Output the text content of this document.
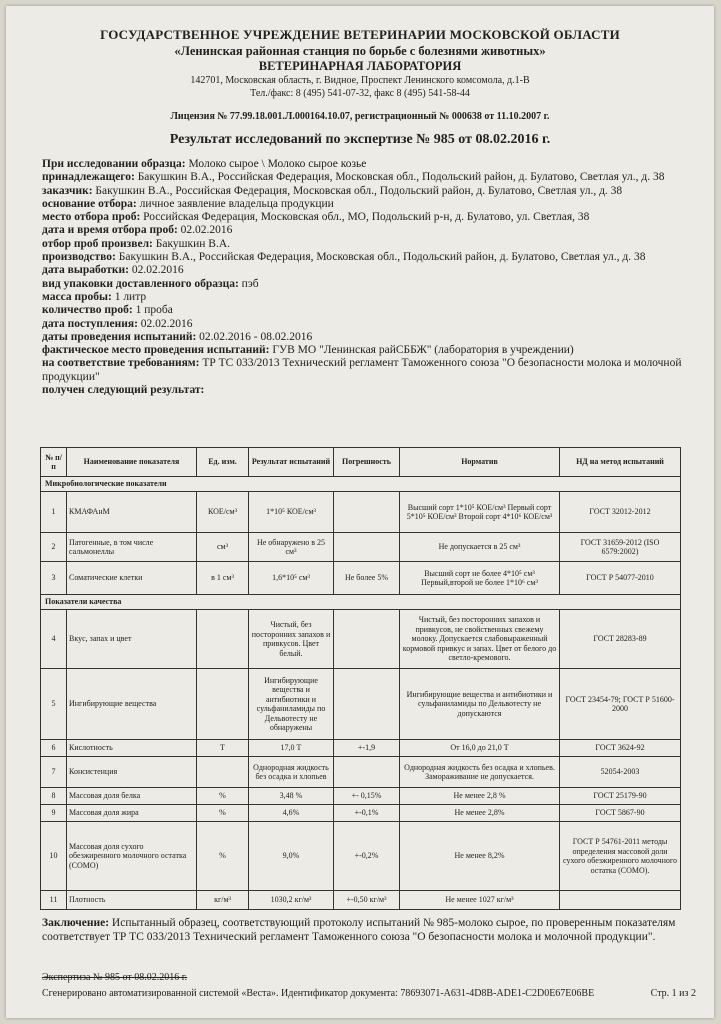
ГОСУДАРСТВЕННОЕ УЧРЕЖДЕНИЕ ВЕТЕРИНАРИИ МОСКОВСКОЙ ОБЛАСТИ
«Ленинская районная станция по борьбе с болезнями животных»
ВЕТЕРИНАРНАЯ ЛАБОРАТОРИЯ
142701, Московская область, г. Видное, Проспект Ленинского комсомола, д.1-В
Тел./факс: 8 (495) 541-07-32, факс 8 (495) 541-58-44
Лицензия № 77.99.18.001.Л.000164.10.07, регистрационный № 000638 от 11.10.2007 г.
Результат исследований по экспертизе № 985 от 08.02.2016 г.
При исследовании образца: Молоко сырое \ Молоко сырое козье
принадлежащего: Бакушкин В.А., Российская Федерация, Московская обл., Подольский район, д. Булатово, Светлая ул., д. 38
заказчик: Бакушкин В.А., Российская Федерация, Московская обл., Подольский район, д. Булатово, Светлая ул., д. 38
основание отбора: личное заявление владельца продукции
место отбора проб: Российская Федерация, Московская обл., МО, Подольский р-н, д. Булатово, ул. Светлая, 38
дата и время отбора проб: 02.02.2016
отбор проб произвел: Бакушкин В.А.
производство: Бакушкин В.А., Российская Федерация, Московская обл., Подольский район, д. Булатово, Светлая ул., д. 38
дата выработки: 02.02.2016
вид упаковки доставленного образца: пэб
масса пробы: 1 литр
количество проб: 1 проба
дата поступления: 02.02.2016
даты проведения испытаний: 02.02.2016 - 08.02.2016
фактическое место проведения испытаний: ГУВ МО "Ленинская райСББЖ" (лаборатория в учреждении)
на соответствие требованиям: ТР ТС 033/2013 Технический регламент Таможенного союза "О безопасности молока и молочной продукции"
получен следующий результат:
№ п/п	Наименование показателя	Ед. изм.	Результат испытаний	Погрешность	Норматив	НД на метод испытаний
Микробиологические показатели						
1	КМАФАнМ	КОЕ/см³	1*10⁵ КОЕ/см³		Высший сорт 1*10⁵ КОЕ/см³ Первый сорт 5*10⁵ КОЕ/см³ Второй сорт 4*10⁶ КОЕ/см³	ГОСТ 32012-2012
2	Патогенные, в том числе сальмонеллы	см³	Не обнаружено в 25 см³		Не допускается в 25 см³	ГОСТ 31659-2012 (ISO 6579:2002)
3	Соматические клетки	в 1 см³	1,6*10⁵ см³	Не более 5%	Высший сорт не более 4*10⁵ см³ Первый,второй не более 1*10⁶ см³	ГОСТ Р 54077-2010
Показатели качества						
4	Вкус, запах и цвет		Чистый, без посторонних запахов и привкусов. Цвет белый.		Чистый, без посторонних запахов и привкусов, не свойственных свежему молоку. Допускается слабовыраженный кормовой привкус и запах. Цвет от белого до светло-кремового.	ГОСТ 28283-89
5	Ингибирующие вещества		Ингибирующие вещества и антибиотики и сульфаниламиды по Дельвотесту не обнаружены		Ингибирующие вещества и антибиотики и сульфаниламиды по Дельвотесту не допускаются	ГОСТ 23454-79; ГОСТ Р 51600-2000
6	Кислотность	Т	17,0 Т	+-1,9	От 16,0 до 21,0 Т	ГОСТ 3624-92
7	Консистенция		Однородная жидкость без осадка и хлопьев		Однородная жидкость без осадка и хлопьев. Замораживание не допускается.	52054-2003
8	Массовая доля белка	%	3,48 %	+- 0,15%	Не менее 2,8 %	ГОСТ 25179-90
9	Массовая доля жира	%	4,6%	+-0,1%	Не менее 2,8%	ГОСТ 5867-90
10	Массовая доля сухого обезжиренного молочного остатка (СОМО)	%	9,0%	+-0,2%	Не менее 8,2%	ГОСТ Р 54761-2011 методы определения массовой доли сухого обезжиренного молочного остатка (СОМО).
11	Плотность	кг/м³	1030,2 кг/м³	+-0,50 кг/м³	Не менее 1027 кг/м³	
Заключение: Испытанный образец, соответствующий протоколу испытаний № 985-молоко сырое, по проверенным показателям соответствует ТР ТС 033/2013 Технический регламент Таможенного союза "О безопасности молока и молочной продукции".
Экспертиза № 985 от 08.02.2016 г.
Сгенерировано автоматизированной системой «Веста». Идентификатор документа: 78693071-A631-4D8B-ADE1-C2D0E67E06BE	Стр. 1 из 2
